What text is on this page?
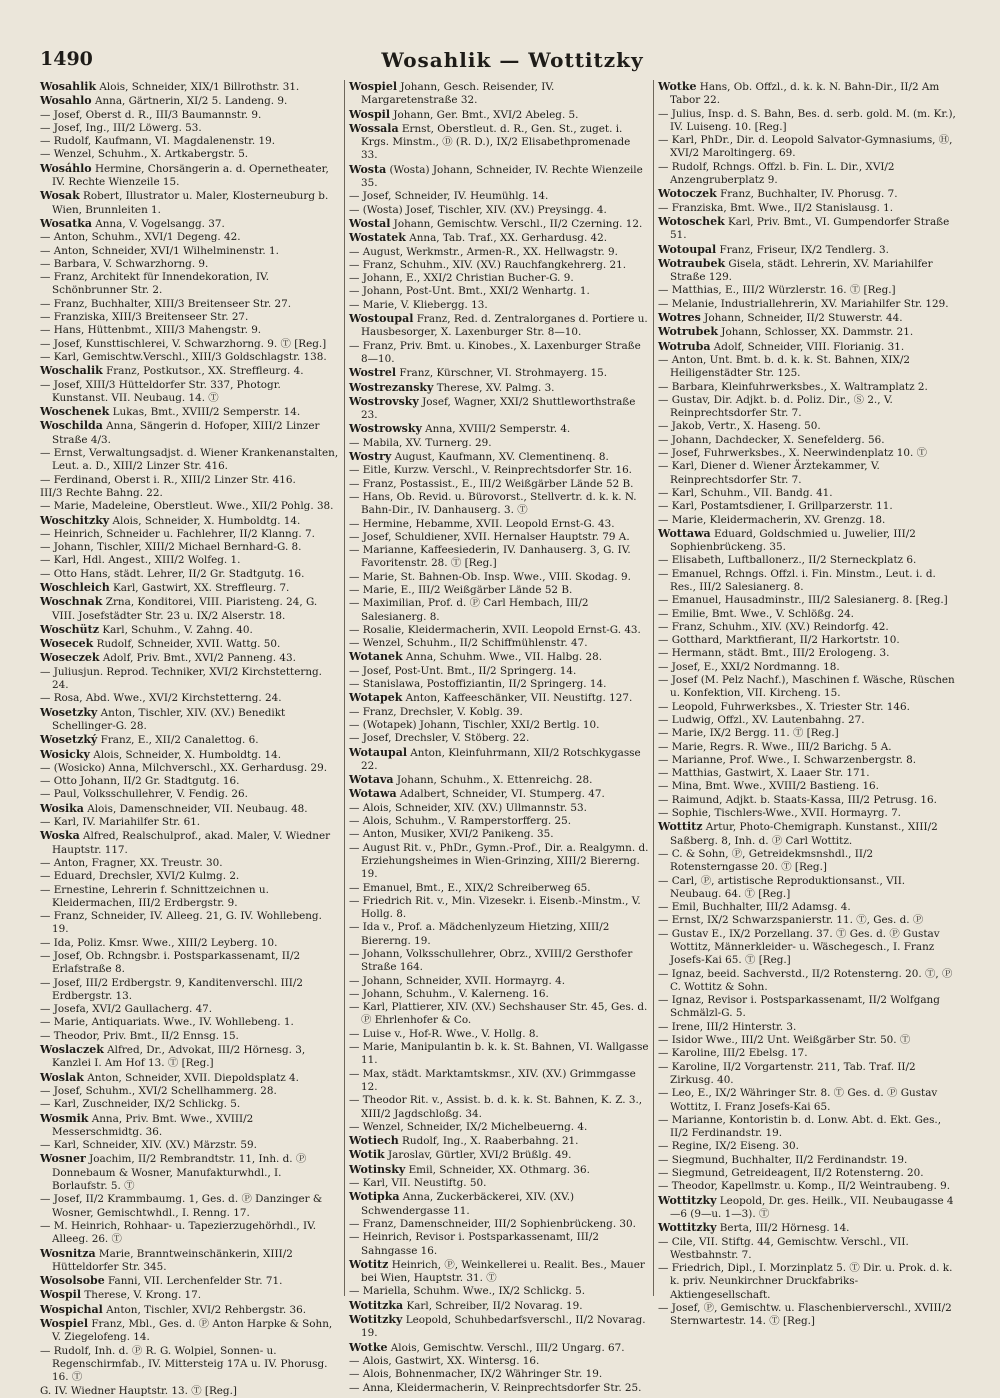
1490	Wosahlik — Wottitzky

Wosahlik Alois, Schneider, XIX/1 Billrothstr. 31.

Wosahlo Anna, Gärtnerin, XI/2 5. Landeng. 9.

— Josef, Oberst d. R., III/3 Baumannstr. 9.

— Josef, Ing., III/2 Löwerg. 53.

— Rudolf, Kaufmann, VI. Magdalenenstr. 19.

— Wenzel, Schuhm., X. Artkabergstr. 5.

Wosáhlo Hermine, Chorsängerin a. d. Opernetheater, IV. Rechte Wienzeile 15.

Wosak Robert, Illustrator u. Maler, Klosterneuburg b. Wien, Brunnleiten 1.

Wosatka Anna, V. Vogelsangg. 37.

— Anton, Schuhm., XVI/1 Degeng. 42.

— Anton, Schneider, XVI/1 Wilhelminenstr. 1.

— Barbara, V. Schwarzhorng. 9.

— Franz, Architekt für Innendekoration, IV. Schönbrunner Str. 2.

— Franz, Buchhalter, XIII/3 Breitenseer Str. 27.

— Franziska, XIII/3 Breitenseer Str. 27.

— Hans, Hüttenbmt., XIII/3 Mahengstr. 9.

— Josef, Kunsttischlerei, V. Schwarzhorng. 9. Ⓣ [Reg.]

— Karl, Gemischtw.Verschl., XIII/3 Goldschlagstr. 138.

Woschalik Franz, Postkutsor., XX. Streffleurg. 4.

— Josef, XIII/3 Hütteldorfer Str. 337, Photogr. Kunstanst. VII. Neubaug. 14. Ⓣ

Woschenek Lukas, Bmt., XVIII/2 Semperstr. 14.

Woschilda Anna, Sängerin d. Hofoper, XIII/2 Linzer Straße 4/3.

— Ernst, Verwaltungsadjst. d. Wiener Krankenanstalten, Leut. a. D., XIII/2 Linzer Str. 416.

— Ferdinand, Oberst i. R., XIII/2 Linzer Str. 416.

III/3 Rechte Bahng. 22.

— Marie, Madeleine, Oberstleut. Wwe., XII/2 Pohlg. 38.

Woschitzky Alois, Schneider, X. Humboldtg. 14.

— Heinrich, Schneider u. Fachlehrer, II/2 Klanng. 7.

— Johann, Tischler, XIII/2 Michael Bernhard-G. 8.

— Karl, Hdl. Angest., XIII/2 Wolfeg. 1.

— Otto Hans, städt. Lehrer, II/2 Gr. Stadtgutg. 16.

Woschleich Karl, Gastwirt, XX. Streffleurg. 7.

Woschnak Zrna, Konditorei, VIII. Piaristeng. 24, G. VIII. Josefstädter Str. 23 u. IX/2 Alserstr. 18.

Woschütz Karl, Schuhm., V. Zahng. 40.

Wosecek Rudolf, Schneider, XVII. Wattg. 50.

Woseczek Adolf, Priv. Bmt., XVI/2 Panneng. 43.

— Juliusjun. Reprod. Techniker, XVI/2 Kirchstetterng. 24.

— Rosa, Abd. Wwe., XVI/2 Kirchstetterng. 24.

Wosetzky Anton, Tischler, XIV. (XV.) Benedikt Schellinger-G. 28.

Wosetzký Franz, E., XII/2 Canalettog. 6.

Wosicky Alois, Schneider, X. Humboldtg. 14.

— (Wosicko) Anna, Milchverschl., XX. Gerhardusg. 29.

— Otto Johann, II/2 Gr. Stadtgutg. 16.

— Paul, Volksschullehrer, V. Fendig. 26.

Wosika Alois, Damenschneider, VII. Neubaug. 48.

— Karl, IV. Mariahilfer Str. 61.

Woska Alfred, Realschulprof., akad. Maler, V. Wiedner Hauptstr. 117.

— Anton, Fragner, XX. Treustr. 30.

— Eduard, Drechsler, XVI/2 Kulmg. 2.

— Ernestine, Lehrerin f. Schnittzeichnen u. Kleidermachen, III/2 Erdbergstr. 9.

— Franz, Schneider, IV. Alleeg. 21, G. IV. Wohllebeng. 19.

— Ida, Poliz. Kmsr. Wwe., XIII/2 Leyberg. 10.

— Josef, Ob. Rchngsbr. i. Postsparkassenamt, II/2 Erlafstraße 8.

— Josef, III/2 Erdbergstr. 9, Kanditenverschl. III/2 Erdbergstr. 13.

— Josefa, XVI/2 Gaullacherg. 47.

— Marie, Antiquariats. Wwe., IV. Wohllebeng. 1.

— Theodor, Priv. Bmt., II/2 Ennsg. 15.

Woslaczek Alfred, Dr., Advokat, III/2 Hörnesg. 3, Kanzlei I. Am Hof 13. Ⓣ [Reg.]

Woslak Anton, Schneider, XVII. Diepoldsplatz 4.

— Josef, Schuhm., XVI/2 Schellhammerg. 28.

— Karl, Zuschneider, IX/2 Schlickg. 5.

Wosmik Anna, Priv. Bmt. Wwe., XVIII/2 Messerschmidtg. 36.

— Karl, Schneider, XIV. (XV.) Märzstr. 59.

Wosner Joachim, II/2 Rembrandtstr. 11, Inh. d. Ⓟ Donnebaum & Wosner, Manufakturwhdl., I. Borlaufstr. 5. Ⓣ

— Josef, II/2 Krammbaumg. 1, Ges. d. Ⓟ Danzinger & Wosner, Gemischtwhdl., I. Renng. 17.

— M. Heinrich, Rohhaar- u. Tapezierzugehörhdl., IV. Alleeg. 26. Ⓣ

Wosnitza Marie, Branntweinschänkerin, XIII/2 Hütteldorfer Str. 345.

Wosolsobe Fanni, VII. Lerchenfelder Str. 71.

Wospil Therese, V. Krong. 17.

Wospichal Anton, Tischler, XVI/2 Rehbergstr. 36.

Wospiel Franz, Mbl., Ges. d. Ⓟ Anton Harpke & Sohn, V. Ziegelofeng. 14.

— Rudolf, Inh. d. Ⓟ R. G. Wolpiel, Sonnen- u. Regenschirmfab., IV. Mittersteig 17A u. IV. Phorusg. 16. Ⓣ

G. IV. Wiedner Hauptstr. 13. Ⓣ [Reg.]

Wospiel Johann, Gesch. Reisender, IV. Margaretenstraße 32.

Wospil Johann, Ger. Bmt., XVI/2 Abeleg. 5.

Wossala Ernst, Oberstleut. d. R., Gen. St., zuget. i. Krgs. Minstm., Ⓓ (R. D.), IX/2 Elisabethpromenade 33.

Wosta (Wosta) Johann, Schneider, IV. Rechte Wienzeile 35.

— Josef, Schneider, IV. Heumühlg. 14.

— (Wosta) Josef, Tischler, XIV. (XV.) Preysingg. 4.

Wostal Johann, Gemischtw. Verschl., II/2 Czerning. 12.

Wostatek Anna, Tab. Traf., XX. Gerhardusg. 42.

— August, Werkmstr., Armen-R., XX. Hellwagstr. 9.

— Franz, Schuhm., XIV. (XV.) Rauchfangkehrerg. 21.

— Johann, E., XXI/2 Christian Bucher-G. 9.

— Johann, Post-Unt. Bmt., XXI/2 Wenhartg. 1.

— Marie, V. Kliebergg. 13.

Wostoupal Franz, Red. d. Zentralorganes d. Portiere u. Hausbesorger, X. Laxenburger Str. 8—10.

— Franz, Priv. Bmt. u. Kinobes., X. Laxenburger Straße 8—10.

Wostrel Franz, Kürschner, VI. Strohmayerg. 15.

Wostrezansky Therese, XV. Palmg. 3.

Wostrovsky Josef, Wagner, XXI/2 Shuttleworthstraße 23.

Wostrowsky Anna, XVIII/2 Semperstr. 4.

— Mabila, XV. Turnerg. 29.

Wostry August, Kaufmann, XV. Clementinenq. 8.

— Eitle, Kurzw. Verschl., V. Reinprechtsdorfer Str. 16.

— Franz, Postassist., E., III/2 Weißgärber Lände 52 B.

— Hans, Ob. Revid. u. Bürovorst., Stellvertr. d. k. k. N. Bahn-Dir., IV. Danhauserg. 3. Ⓣ

— Hermine, Hebamme, XVII. Leopold Ernst-G. 43.

— Josef, Schuldiener, XVII. Hernalser Hauptstr. 79 A.

— Marianne, Kaffeesiederin, IV. Danhauserg. 3, G. IV. Favoritenstr. 28. Ⓣ [Reg.]

— Marie, St. Bahnen-Ob. Insp. Wwe., VIII. Skodag. 9.

— Marie, E., III/2 Weißgärber Lände 52 B.

— Maximilian, Prof. d. Ⓟ Carl Hembach, III/2 Salesianerg. 8.

— Rosalie, Kleidermacherin, XVII. Leopold Ernst-G. 43.

— Wenzel, Schuhm., II/2 Schiffmühlenstr. 47.

Wotanek Anna, Schuhm. Wwe., VII. Halbg. 28.

— Josef, Post-Unt. Bmt., II/2 Springerg. 14.

— Stanislawa, Postoffiziantin, II/2 Springerg. 14.

Wotapek Anton, Kaffeeschänker, VII. Neustiftg. 127.

— Franz, Drechsler, V. Koblg. 39.

— (Wotapek) Johann, Tischler, XXI/2 Bertlg. 10.

— Josef, Drechsler, V. Stöberg. 22.

Wotaupal Anton, Kleinfuhrmann, XII/2 Rotschkygasse 22.

Wotava Johann, Schuhm., X. Ettenreichg. 28.

Wotawa Adalbert, Schneider, VI. Stumperg. 47.

— Alois, Schneider, XIV. (XV.) Ullmannstr. 53.

— Alois, Schuhm., V. Ramperstorfferg. 25.

— Anton, Musiker, XVI/2 Panikeng. 35.

— August Rit. v., PhDr., Gymn.-Prof., Dir. a. Realgymn. d. Erziehungsheimes in Wien-Grinzing, XIII/2 Biererng. 19.

— Emanuel, Bmt., E., XIX/2 Schreiberweg 65.

— Friedrich Rit. v., Min. Vizesekr. i. Eisenb.-Minstm., V. Hollg. 8.

— Ida v., Prof. a. Mädchenlyzeum Hietzing, XIII/2 Biererng. 19.

— Johann, Volksschullehrer, Obrz., XVIII/2 Gersthofer Straße 164.

— Johann, Schneider, XVII. Hormayrg. 4.

— Johann, Schuhm., V. Kalerneng. 16.

— Karl, Plattierer, XIV. (XV.) Sechshauser Str. 45, Ges. d. Ⓟ Ehrlenhofer & Co.

— Luise v., Hof-R. Wwe., V. Hollg. 8.

— Marie, Manipulantin b. k. k. St. Bahnen, VI. Wallgasse 11.

— Max, städt. Marktamtskmsr., XIV. (XV.) Grimmgasse 12.

— Theodor Rit. v., Assist. b. d. k. k. St. Bahnen, K. Z. 3., XIII/2 Jagdschloßg. 34.

— Wenzel, Schneider, IX/2 Michelbeuerng. 4.

Wotiech Rudolf, Ing., X. Raaberbahng. 21.

Wotik Jaroslav, Gürtler, XVI/2 Brüßlg. 49.

Wotinsky Emil, Schneider, XX. Othmarg. 36.

— Karl, VII. Neustiftg. 50.

Wotipka Anna, Zuckerbäckerei, XIV. (XV.) Schwendergasse 11.

— Franz, Damenschneider, III/2 Sophienbrückeng. 30.

— Heinrich, Revisor i. Postsparkassenamt, III/2 Sahngasse 16.

Wotitz Heinrich, Ⓟ, Weinkellerei u. Realit. Bes., Mauer bei Wien, Hauptstr. 31. Ⓣ

— Mariella, Schuhm. Wwe., IX/2 Schlickg. 5.

Wotitzka Karl, Schreiber, II/2 Novarag. 19.

Wotitzky Leopold, Schuhbedarfsverschl., II/2 Novarag. 19.

Wotke Alois, Gemischtw. Verschl., III/2 Ungarg. 67.

— Alois, Gastwirt, XX. Wintersg. 16.

— Alois, Bohnenmacher, IX/2 Währinger Str. 19.

— Anna, Kleidermacherin, V. Reinprechtsdorfer Str. 25.

Wotke Hans, Ob. Offzl., d. k. k. N. Bahn-Dir., II/2 Am Tabor 22.

— Julius, Insp. d. S. Bahn, Bes. d. serb. gold. M. (m. Kr.), IV. Luiseng. 10. [Reg.]

— Karl, PhDr., Dir. d. Leopold Salvator-Gymnasiums, Ⓗ, XVI/2 Maroltingerg. 69.

— Rudolf, Rchngs. Offzl. b. Fin. L. Dir., XVI/2 Anzengruberplatz 9.

Wotoczek Franz, Buchhalter, IV. Phorusg. 7.

— Franziska, Bmt. Wwe., II/2 Stanislausg. 1.

Wotoschek Karl, Priv. Bmt., VI. Gumpendorfer Straße 51.

Wotoupal Franz, Friseur, IX/2 Tendlerg. 3.

Wotraubek Gisela, städt. Lehrerin, XV. Mariahilfer Straße 129.

— Matthias, E., III/2 Würzlerstr. 16. Ⓣ [Reg.]

— Melanie, Industriallehrerin, XV. Mariahilfer Str. 129.

Wotres Johann, Schneider, II/2 Stuwerstr. 44.

Wotrubek Johann, Schlosser, XX. Dammstr. 21.

Wotruba Adolf, Schneider, VIII. Florianig. 31.

— Anton, Unt. Bmt. b. d. k. k. St. Bahnen, XIX/2 Heiligenstädter Str. 125.

— Barbara, Kleinfuhrwerksbes., X. Waltramplatz 2.

— Gustav, Dir. Adjkt. b. d. Poliz. Dir., Ⓢ 2., V. Reinprechtsdorfer Str. 7.

— Jakob, Vertr., X. Haseng. 50.

— Johann, Dachdecker, X. Senefelderg. 56.

— Josef, Fuhrwerksbes., X. Neerwindenplatz 10. Ⓣ

— Karl, Diener d. Wiener Ärztekammer, V. Reinprechtsdorfer Str. 7.

— Karl, Schuhm., VII. Bandg. 41.

— Karl, Postamtsdiener, I. Grillparzerstr. 11.

— Marie, Kleidermacherin, XV. Grenzg. 18.

Wottawa Eduard, Goldschmied u. Juwelier, III/2 Sophienbrückeng. 35.

— Elisabeth, Luftballonerz., II/2 Sterneckplatz 6.

— Emanuel, Rchngs. Offzl. i. Fin. Minstm., Leut. i. d. Res., III/2 Salesianerg. 8.

— Emanuel, Hausadminstr., III/2 Salesianerg. 8. [Reg.]

— Emilie, Bmt. Wwe., V. Schlößg. 24.

— Franz, Schuhm., XIV. (XV.) Reindorfg. 42.

— Gotthard, Marktfierant, II/2 Harkortstr. 10.

— Hermann, städt. Bmt., III/2 Erologeng. 3.

— Josef, E., XXI/2 Nordmanng. 18.

— Josef (M. Pelz Nachf.), Maschinen f. Wäsche, Rüschen u. Konfektion, VII. Kircheng. 15.

— Leopold, Fuhrwerksbes., X. Triester Str. 146.

— Ludwig, Offzl., XV. Lautenbahng. 27.

— Marie, IX/2 Bergg. 11. Ⓣ [Reg.]

— Marie, Regrs. R. Wwe., III/2 Barichg. 5 A.

— Marianne, Prof. Wwe., I. Schwarzenbergstr. 8.

— Matthias, Gastwirt, X. Laaer Str. 171.

— Mina, Bmt. Wwe., XVIII/2 Bastieng. 16.

— Raimund, Adjkt. b. Staats-Kassa, III/2 Petrusg. 16.

— Sophie, Tischlers-Wwe., XVII. Hormayrg. 7.

Wottitz Artur, Photo-Chemigraph. Kunstanst., XIII/2 Saßberg. 8, Inh. d. Ⓟ Carl Wottitz.

— C. & Sohn, Ⓟ, Getreidekmsnshdl., II/2 Rotensterngasse 20. Ⓣ [Reg.]

— Carl, Ⓟ, artistische Reproduktionsanst., VII. Neubaug. 64. Ⓣ [Reg.]

— Emil, Buchhalter, III/2 Adamsg. 4.

— Ernst, IX/2 Schwarzspanierstr. 11. Ⓣ, Ges. d. Ⓟ

— Gustav E., IX/2 Porzellang. 37. Ⓣ Ges. d. Ⓟ Gustav Wottitz, Männerkleider- u. Wäschegesch., I. Franz Josefs-Kai 65. Ⓣ [Reg.]

— Ignaz, beeid. Sachverstd., II/2 Rotensterng. 20. Ⓣ, Ⓟ C. Wottitz & Sohn.

— Ignaz, Revisor i. Postsparkassenamt, II/2 Wolfgang Schmälzl-G. 5.

— Irene, III/2 Hinterstr. 3.

— Isidor Wwe., III/2 Unt. Weißgärber Str. 50. Ⓣ

— Karoline, III/2 Ebelsg. 17.

— Karoline, II/2 Vorgartenstr. 211, Tab. Traf. II/2 Zirkusg. 40.

— Leo, E., IX/2 Währinger Str. 8. Ⓣ Ges. d. Ⓟ Gustav Wottitz, I. Franz Josefs-Kai 65.

— Marianne, Kontoristin b. d. Lonw. Abt. d. Ekt. Ges., II/2 Ferdinandstr. 19.

— Regine, IX/2 Eiseng. 30.

— Siegmund, Buchhalter, II/2 Ferdinandstr. 19.

— Siegmund, Getreideagent, II/2 Rotensterng. 20.

— Theodor, Kapellmstr. u. Komp., II/2 Weintraubeng. 9.

Wottitzky Leopold, Dr. ges. Heilk., VII. Neubaugasse 4—6 (9—u. 1—3). Ⓣ

Wottitzky Berta, III/2 Hörnesg. 14.

— Cile, VII. Stiftg. 44, Gemischtw. Verschl., VII. Westbahnstr. 7.

— Friedrich, Dipl., I. Morzinplatz 5. Ⓣ Dir. u. Prok. d. k. k. priv. Neunkirchner Druckfabriks-Aktiengesellschaft.

— Josef, Ⓟ, Gemischtw. u. Flaschenbierverschl., XVIII/2 Sternwartestr. 14. Ⓣ [Reg.]
